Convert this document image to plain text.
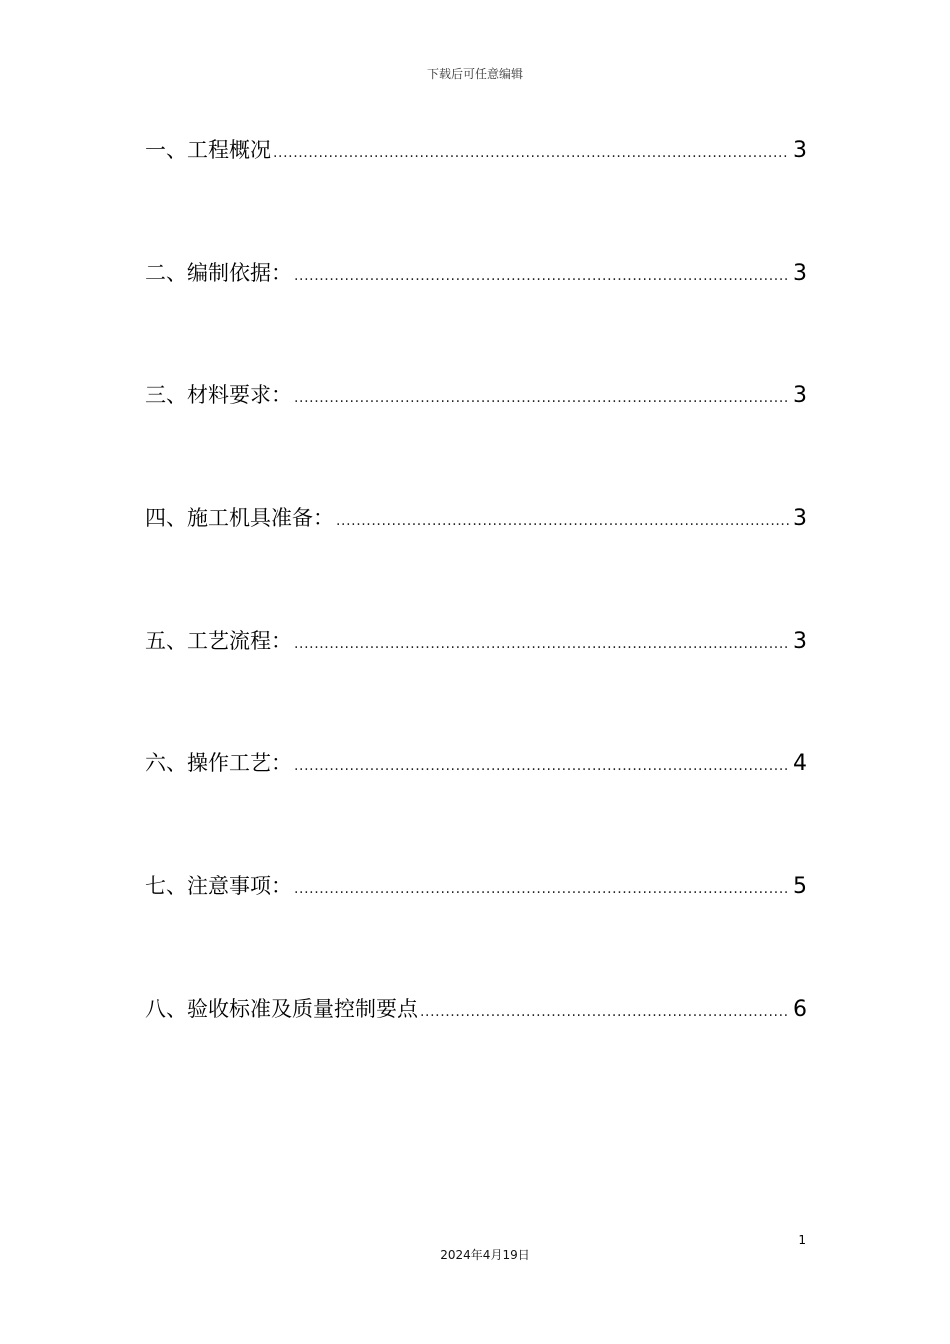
下载后可任意编辑
一、工程概况 .....	3
二、编制依据： .....	3
三、材料要求： .....	3
四、施工机具准备： .....	3
五、工艺流程： .....	3
六、操作工艺： .....	4
七、注意事项： .....	5
八、验收标准及质量控制要点 .....	6
1
2024年4月19日
